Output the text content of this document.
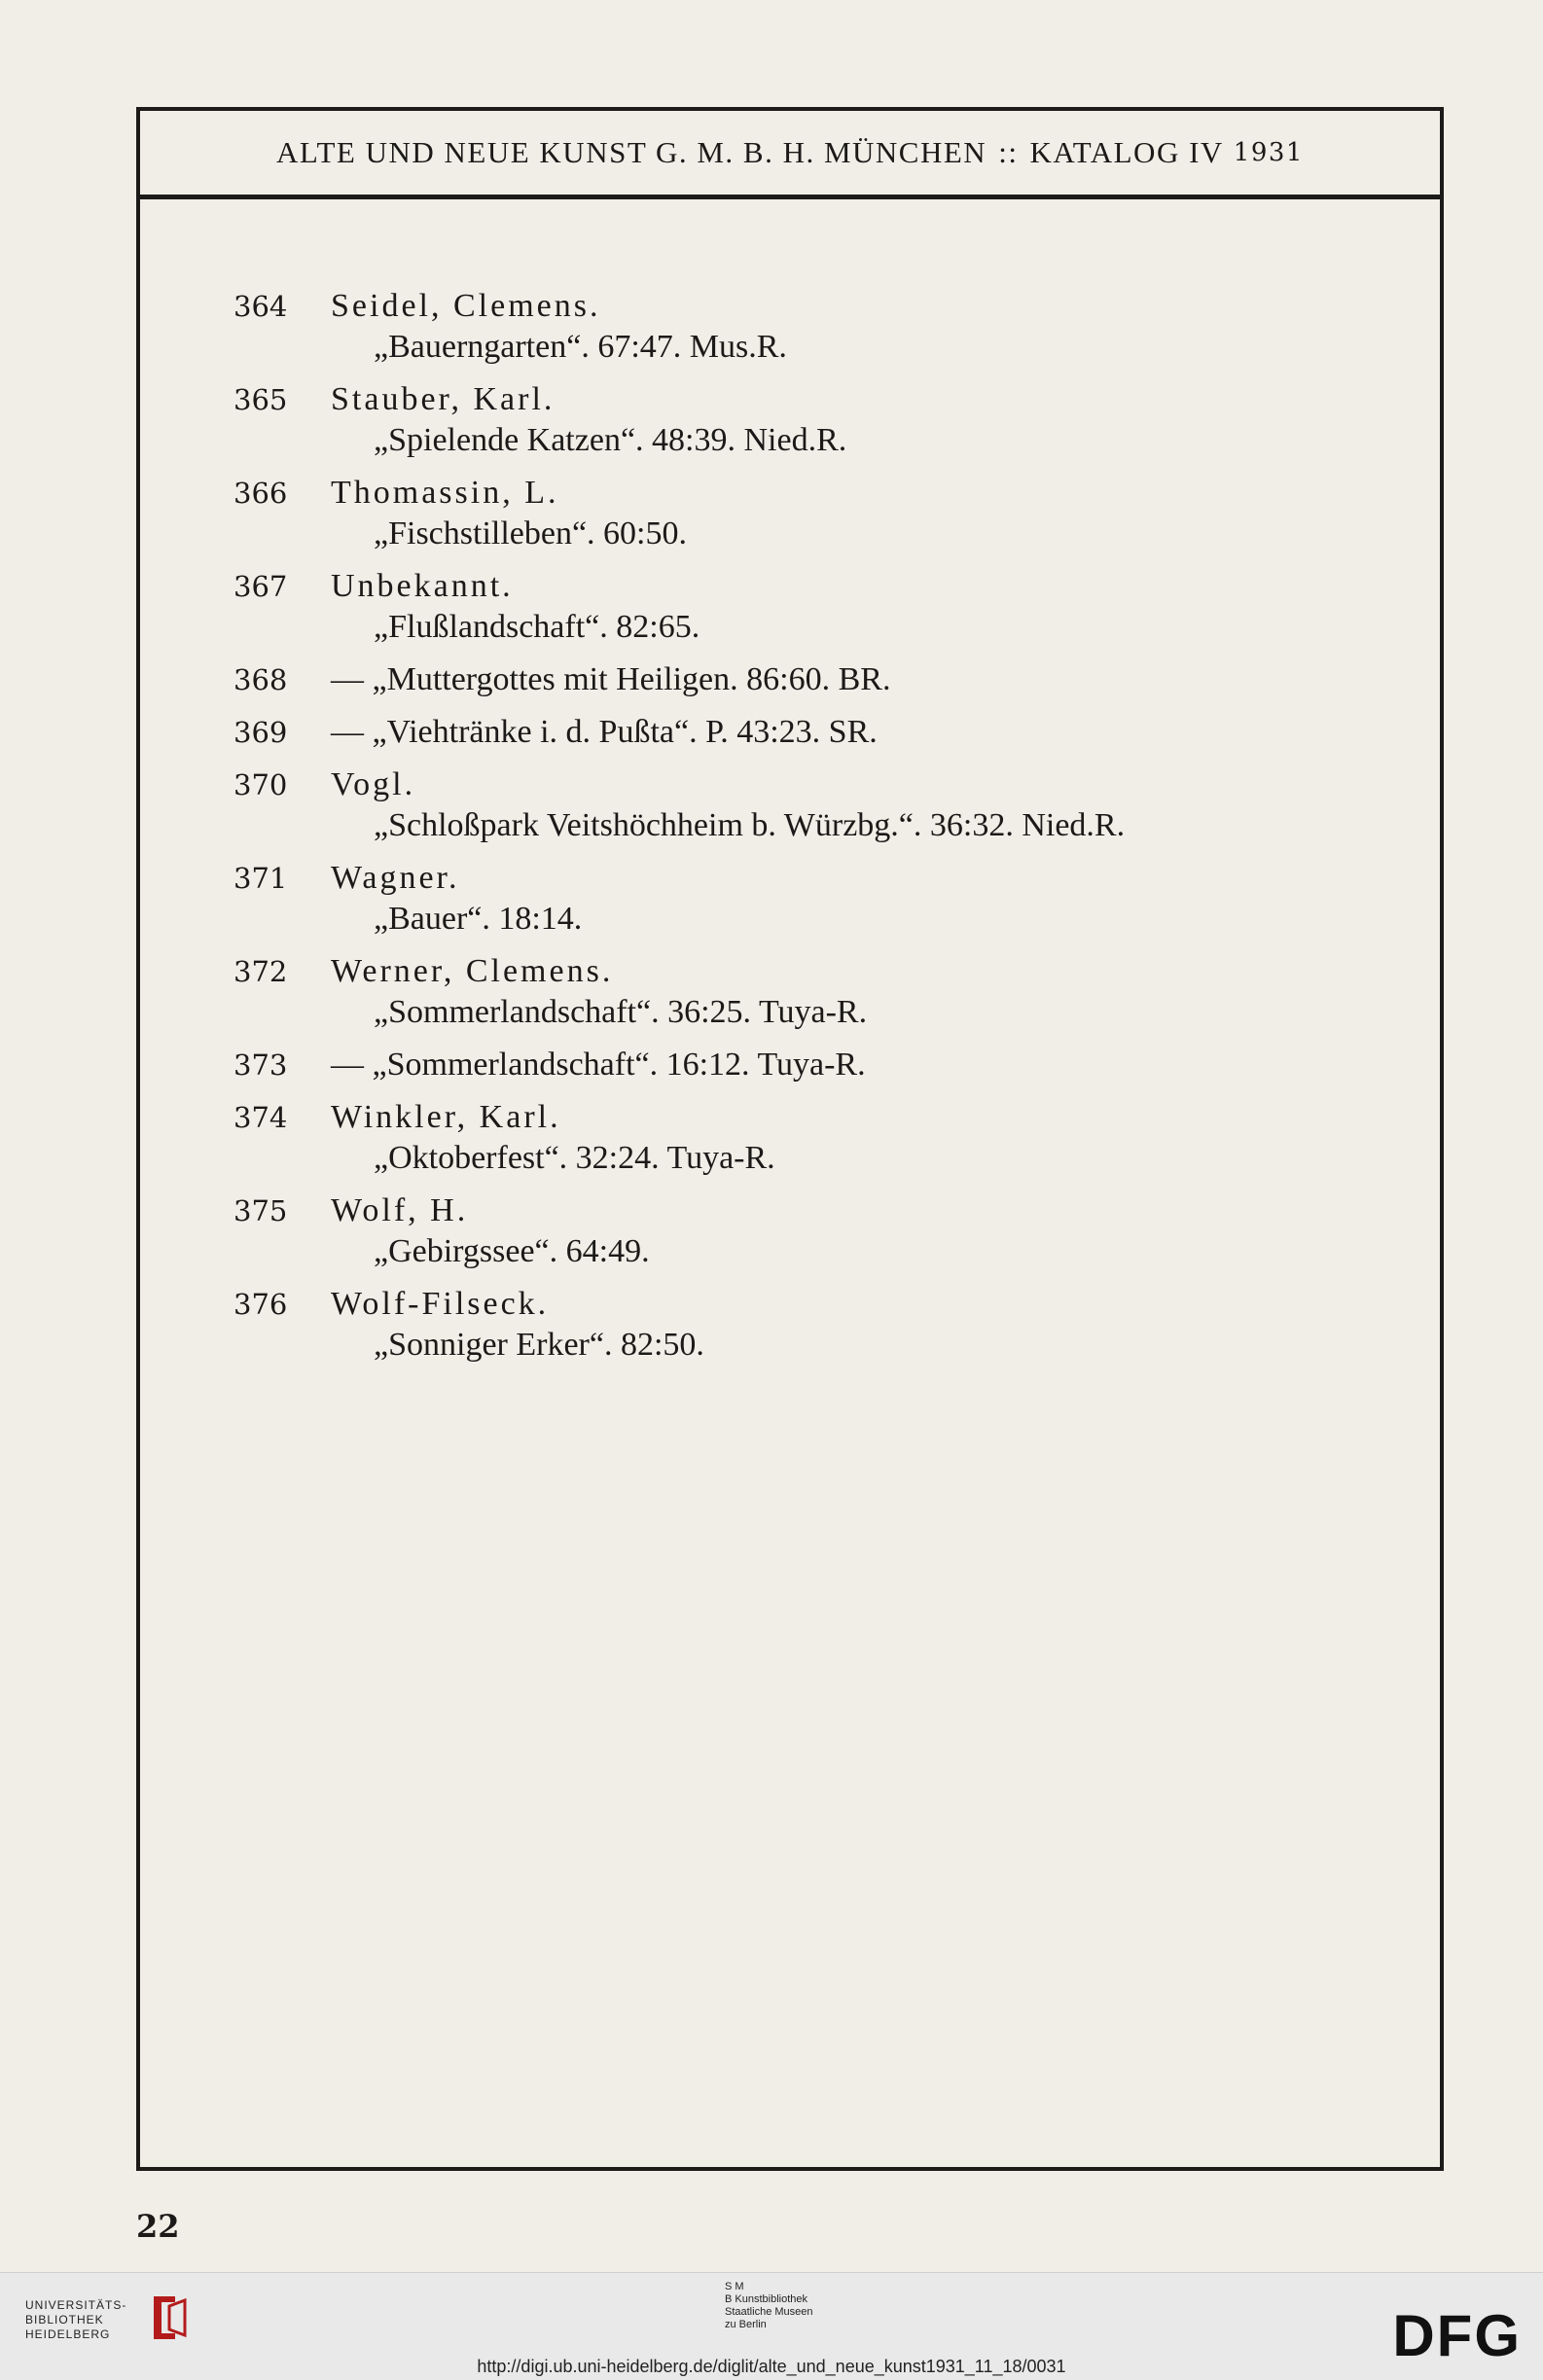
ALTE UND NEUE KUNST G. M. B. H. MÜNCHEN :: KATALOG IV 1931
364	Seidel, Clemens.
„Bauerngarten“. 67:47. Mus.R.
365	Stauber, Karl.
„Spielende Katzen“. 48:39. Nied.R.
366	Thomassin, L.
„Fischstilleben“. 60:50.
367	Unbekannt.
„Flußlandschaft“. 82:65.
368	— „Muttergottes mit Heiligen. 86:60. BR.
369	— „Viehtränke i. d. Pußta“. P. 43:23. SR.
370	Vogl.
„Schloßpark Veitshöchheim b. Würzbg.“. 36:32. Nied.R.
371	Wagner.
„Bauer“. 18:14.
372	Werner, Clemens.
„Sommerlandschaft“. 36:25. Tuya-R.
373	— „Sommerlandschaft“. 16:12. Tuya-R.
374	Winkler, Karl.
„Oktoberfest“. 32:24. Tuya-R.
375	Wolf, H.
„Gebirgssee“. 64:49.
376	Wolf-Filseck.
„Sonniger Erker“. 82:50.
22
UNIVERSITÄTS-
BIBLIOTHEK
HEIDELBERG
S M
B Kunstbibliothek
Staatliche Museen
zu Berlin	DFG
http://digi.ub.uni-heidelberg.de/diglit/alte_und_neue_kunst1931_11_18/0031
